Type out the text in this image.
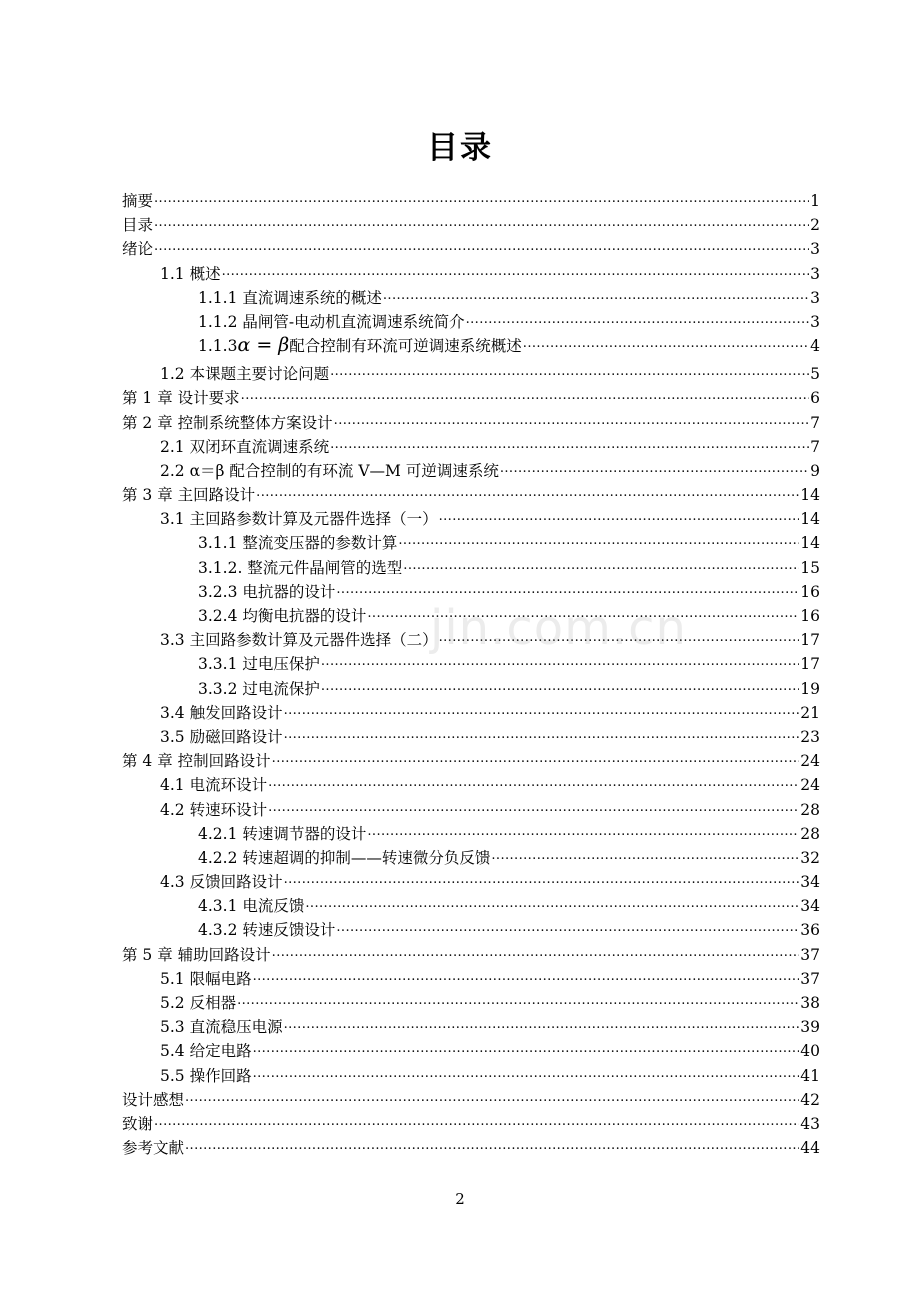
目录
摘要 .....	1
目录 .....	2
绪论 .....	3
1.1 概述 .....	3
1.1.1 直流调速系统的概述 .....	3
1.1.2 晶闸管-电动机直流调速系统简介 .....	3
1.1.3α = β配合控制有环流可逆调速系统概述 .....	4
1.2 本课题主要讨论问题 .....	5
第 1 章 设计要求 .....	6
第 2 章 控制系统整体方案设计 .....	7
2.1 双闭环直流调速系统 .....	7
2.2 α＝β 配合控制的有环流 V—M 可逆调速系统 .....	9
第 3 章 主回路设计 .....	14
3.1 主回路参数计算及元器件选择（一） .....	14
3.1.1 整流变压器的参数计算 .....	14
3.1.2. 整流元件晶闸管的选型 .....	15
3.2.3 电抗器的设计 .....	16
3.2.4 均衡电抗器的设计 .....	16
3.3 主回路参数计算及元器件选择（二） .....	17
3.3.1 过电压保护 .....	17
3.3.2 过电流保护 .....	19
3.4 触发回路设计 .....	21
3.5 励磁回路设计 .....	23
第 4 章 控制回路设计 .....	24
4.1 电流环设计 .....	24
4.2 转速环设计 .....	28
4.2.1 转速调节器的设计 .....	28
4.2.2 转速超调的抑制——转速微分负反馈 .....	32
4.3 反馈回路设计 .....	34
4.3.1 电流反馈 .....	34
4.3.2 转速反馈设计 .....	36
第 5 章 辅助回路设计 .....	37
5.1 限幅电路 .....	37
5.2 反相器 .....	38
5.3 直流稳压电源 .....	39
5.4 给定电路 .....	40
5.5 操作回路 .....	41
设计感想 .....	42
致谢 .....	43
参考文献 .....	44
jin.com.cn
2
